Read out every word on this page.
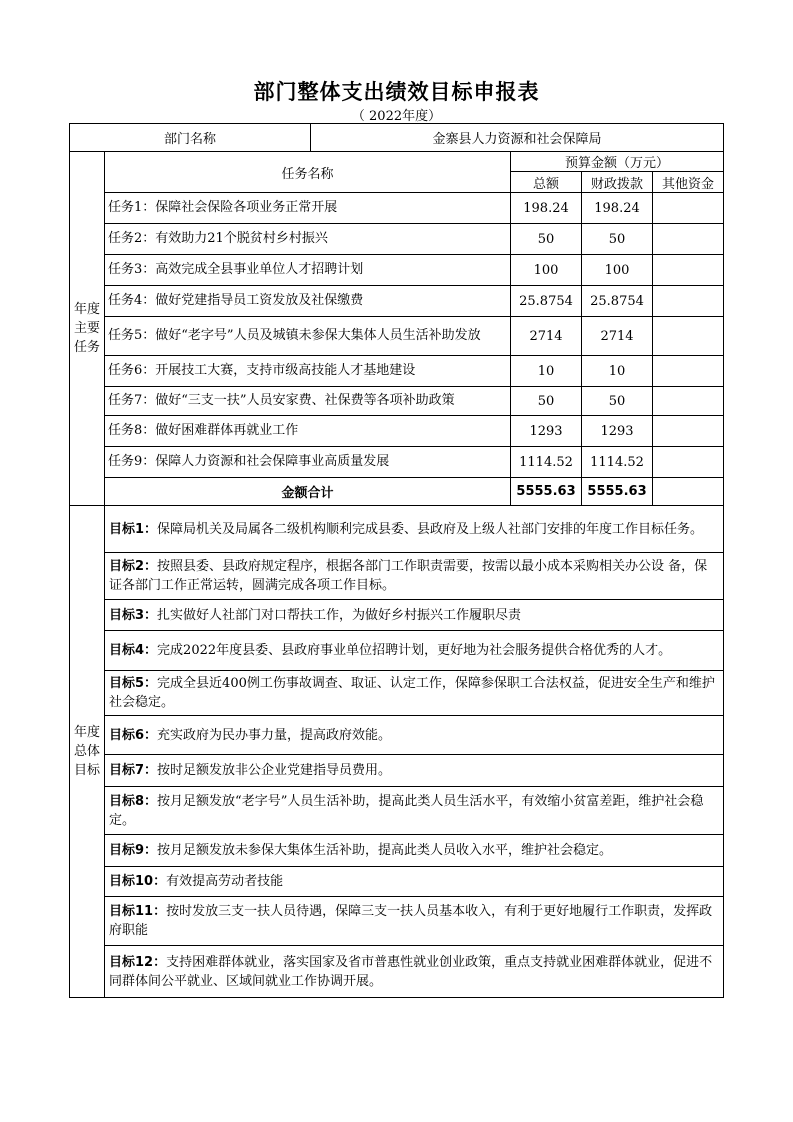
部门整体支出绩效目标申报表
（ 2022年度）
部门名称		金寨县人力资源和社会保障局			
年度
主要
任务	任务名称		预算金额（万元）		
			总额	财政拨款	其他资金
	任务1：保障社会保险各项业务正常开展		198.24	198.24	
	任务2：有效助力21个脱贫村乡村振兴		50	50	
	任务3：高效完成全县事业单位人才招聘计划		100	100	
	任务4：做好党建指导员工资发放及社保缴费		25.8754	25.8754	
	任务5：做好“老字号”人员及城镇未参保大集体人员生活补助发放		2714	2714	
	任务6：开展技工大赛，支持市级高技能人才基地建设		10	10	
	任务7：做好“三支一扶”人员安家费、社保费等各项补助政策		50	50	
	任务8：做好困难群体再就业工作		1293	1293	
	任务9：保障人力资源和社会保障事业高质量发展		1114.52	1114.52	
	金额合计		5555.63	5555.63	
年度
总体
目标	目标1：保障局机关及局属各二级机构顺利完成县委、县政府及上级人社部门安排的年度工作目标任务。				
	目标2：按照县委、县政府规定程序，根据各部门工作职责需要，按需以最小成本采购相关办公设 备，保证各部门工作正常运转，圆满完成各项工作目标。				
	目标3：扎实做好人社部门对口帮扶工作，为做好乡村振兴工作履职尽责				
	目标4：完成2022年度县委、县政府事业单位招聘计划，更好地为社会服务提供合格优秀的人才。				
	目标5：完成全县近400例工伤事故调查、取证、认定工作，保障参保职工合法权益，促进安全生产和维护社会稳定。				
	目标6：充实政府为民办事力量，提高政府效能。				
	目标7：按时足额发放非公企业党建指导员费用。				
	目标8：按月足额发放“老字号”人员生活补助，提高此类人员生活水平，有效缩小贫富差距，维护社会稳定。				
	目标9：按月足额发放未参保大集体生活补助，提高此类人员收入水平，维护社会稳定。				
	目标10：有效提高劳动者技能				
	目标11：按时发放三支一扶人员待遇，保障三支一扶人员基本收入，有利于更好地履行工作职责，发挥政府职能				
	目标12：支持困难群体就业，落实国家及省市普惠性就业创业政策，重点支持就业困难群体就业，促进不同群体间公平就业、区域间就业工作协调开展。				
